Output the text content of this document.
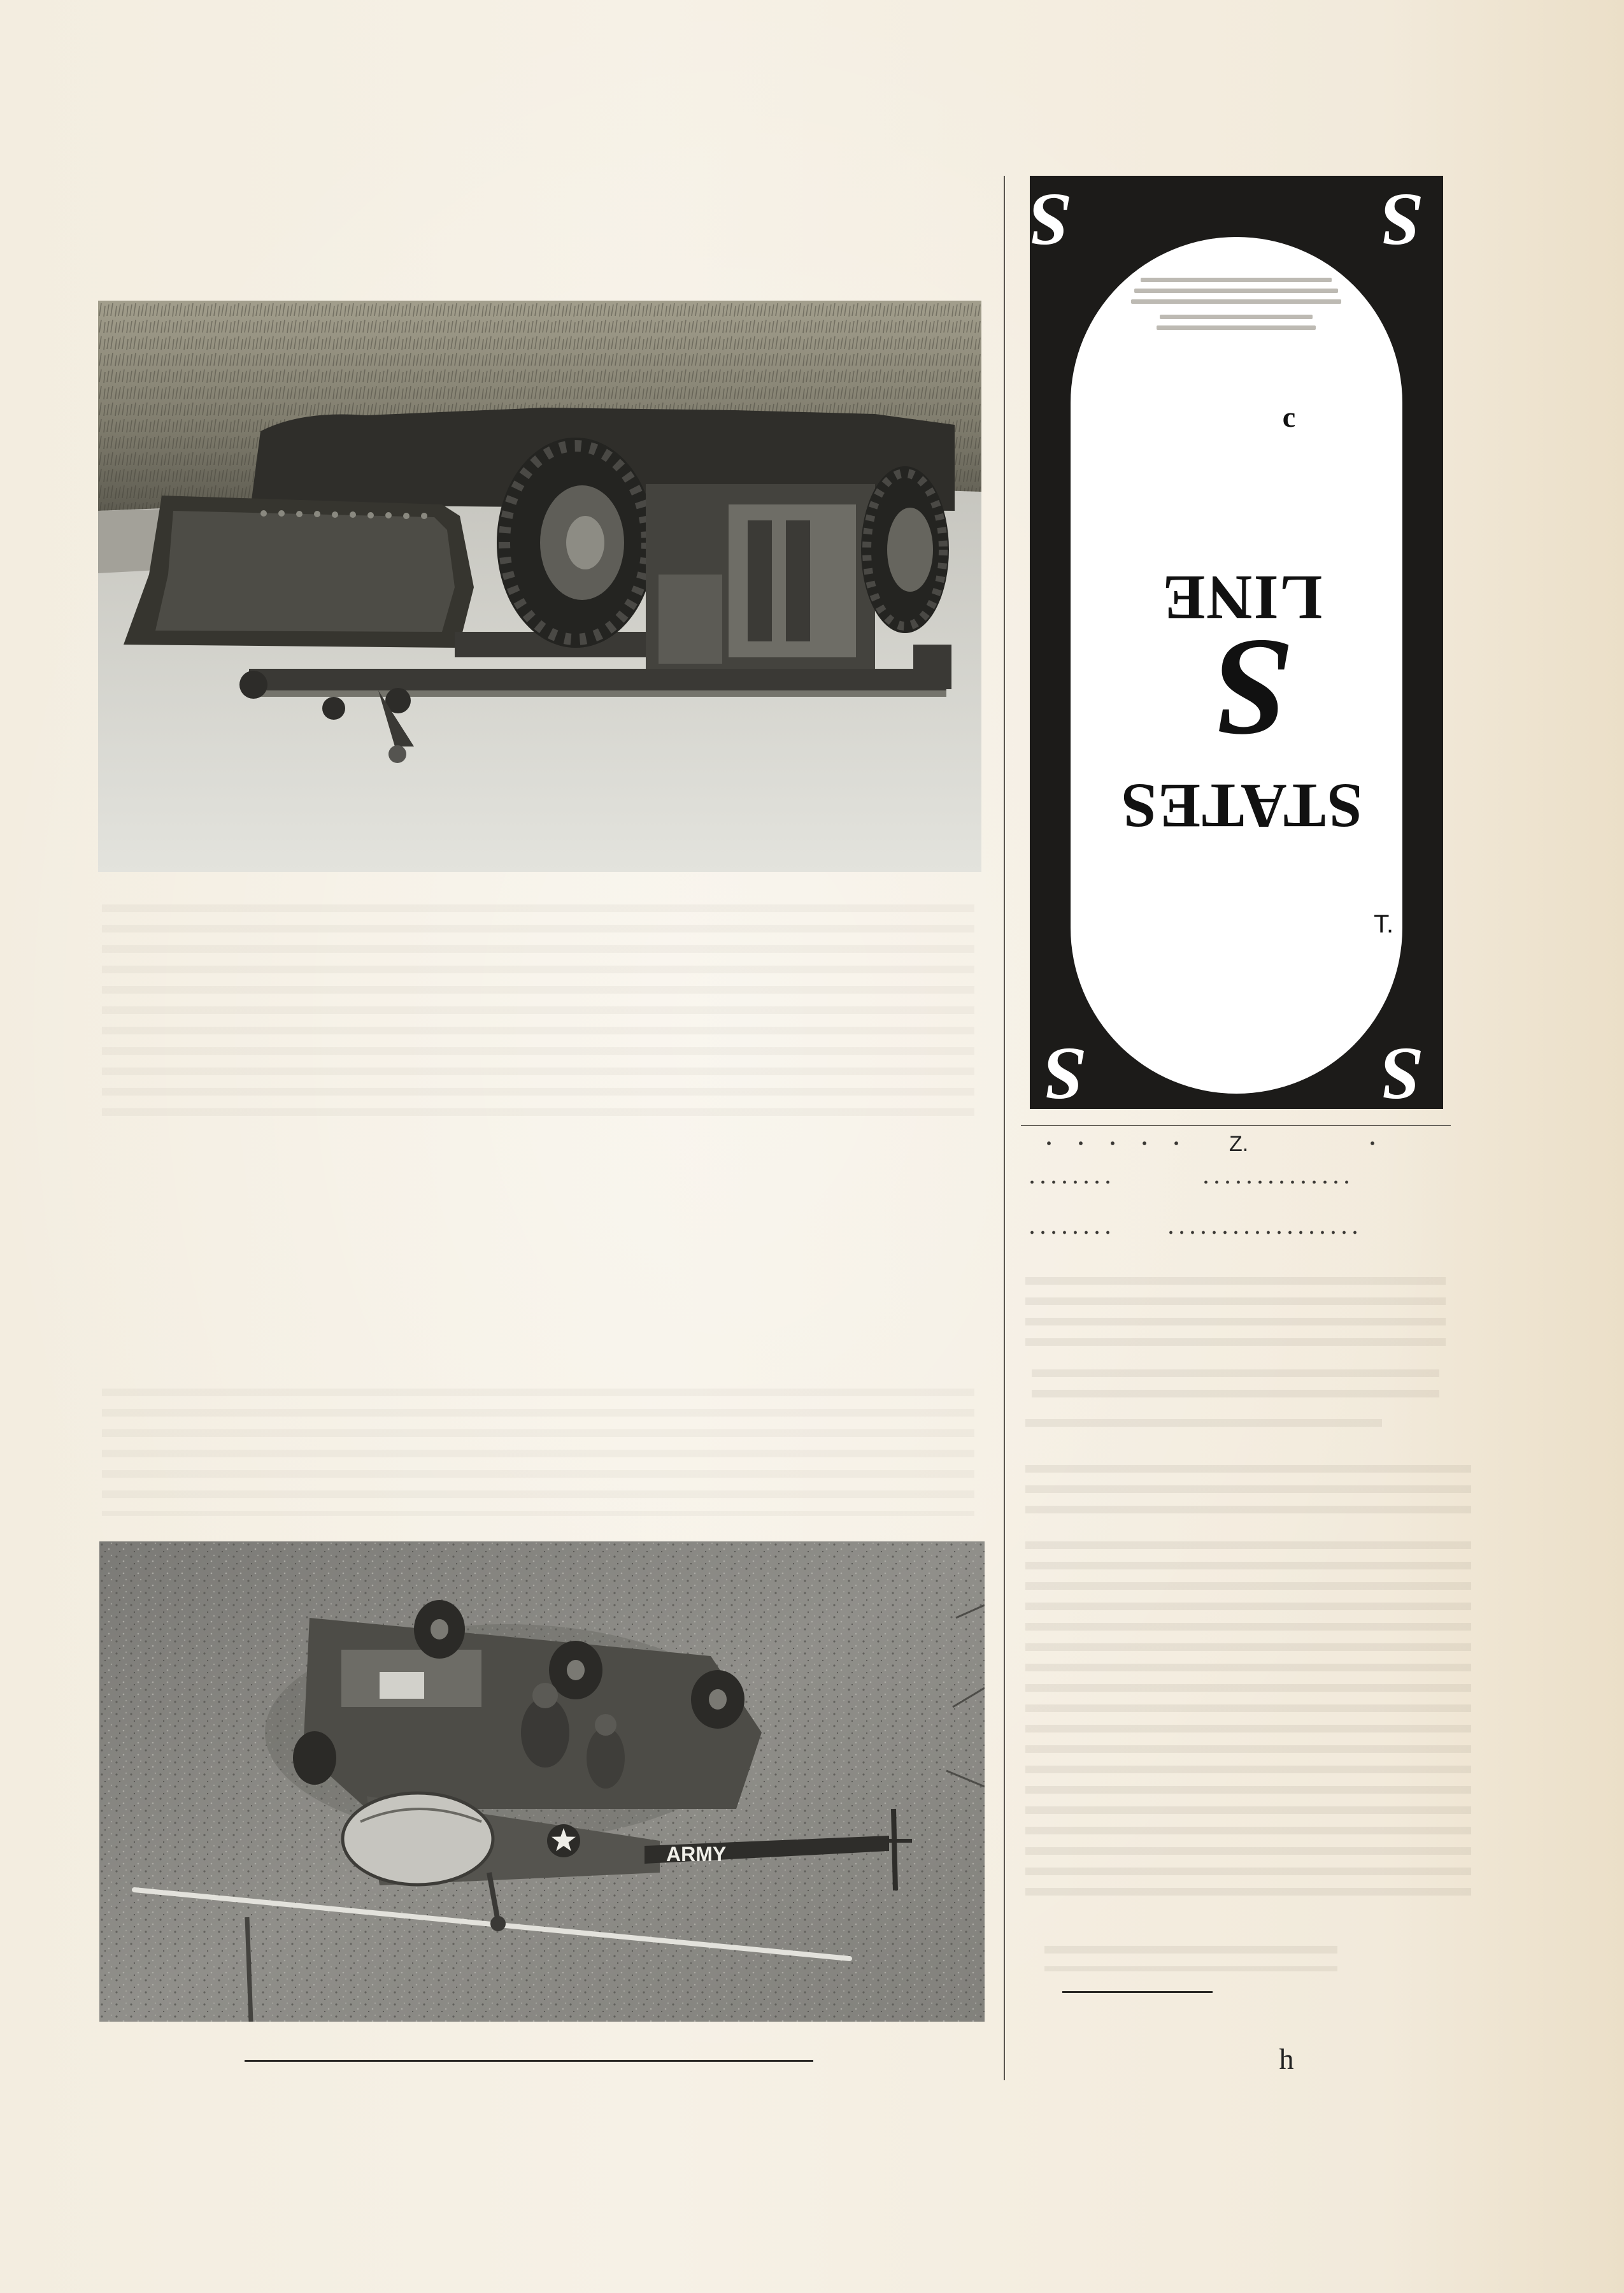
S	S
S	S
c
LINE
S
STATES
T.
Z.
ARMY
h
